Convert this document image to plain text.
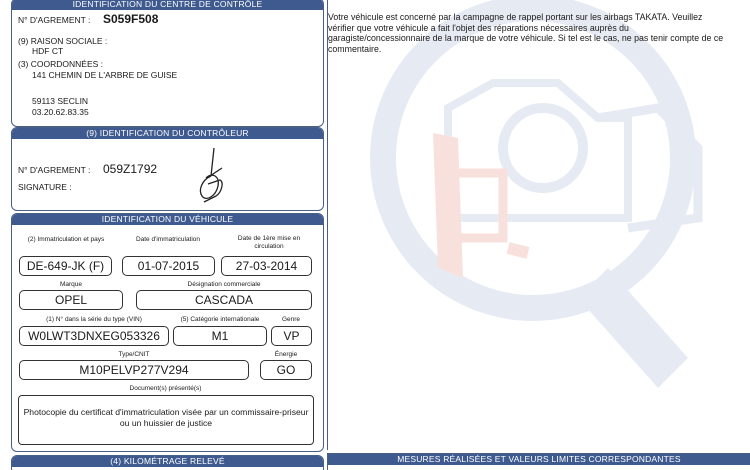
IDENTIFICATION DU CENTRE DE CONTRÔLE
N° D'AGREMENT : S059F508
(9) RAISON SOCIALE :
HDF CT
(3) COORDONNÉES :
141 CHEMIN DE L'ARBRE DE GUISE
59113 SECLIN
03.20.62.83.35
(9) IDENTIFICATION DU CONTRÔLEUR
N° D'AGREMENT : 059Z1792
SIGNATURE :
IDENTIFICATION DU VÉHICULE
(2) Immatriculation et pays	Date d'immatriculation	Date de 1ère mise en circulation
DE-649-JK (F)	01-07-2015	27-03-2014
Marque	Désignation commerciale
OPEL	CASCADA
(1) N° dans la série du type (VIN)	(5) Catégorie internationale	Genre
W0LWT3DNXEG053326	M1	VP
Type/CNIT	Énergie
M10PELVP277V294	GO
Document(s) présenté(s)
Photocopie du certificat d'immatriculation visée par un commissaire-priseur ou un huissier de justice
(4) KILOMÉTRAGE RELEVÉ
Votre véhicule est concerné par la campagne de rappel portant sur les airbags TAKATA. Veuillez vérifier que votre véhicule a fait l'objet des réparations nécessaires auprès du garagiste/concessionnaire de la marque de votre véhicule. Si tel est le cas, ne pas tenir compte de ce commentaire.
MESURES RÉALISÉES ET VALEURS LIMITES CORRESPONDANTES
